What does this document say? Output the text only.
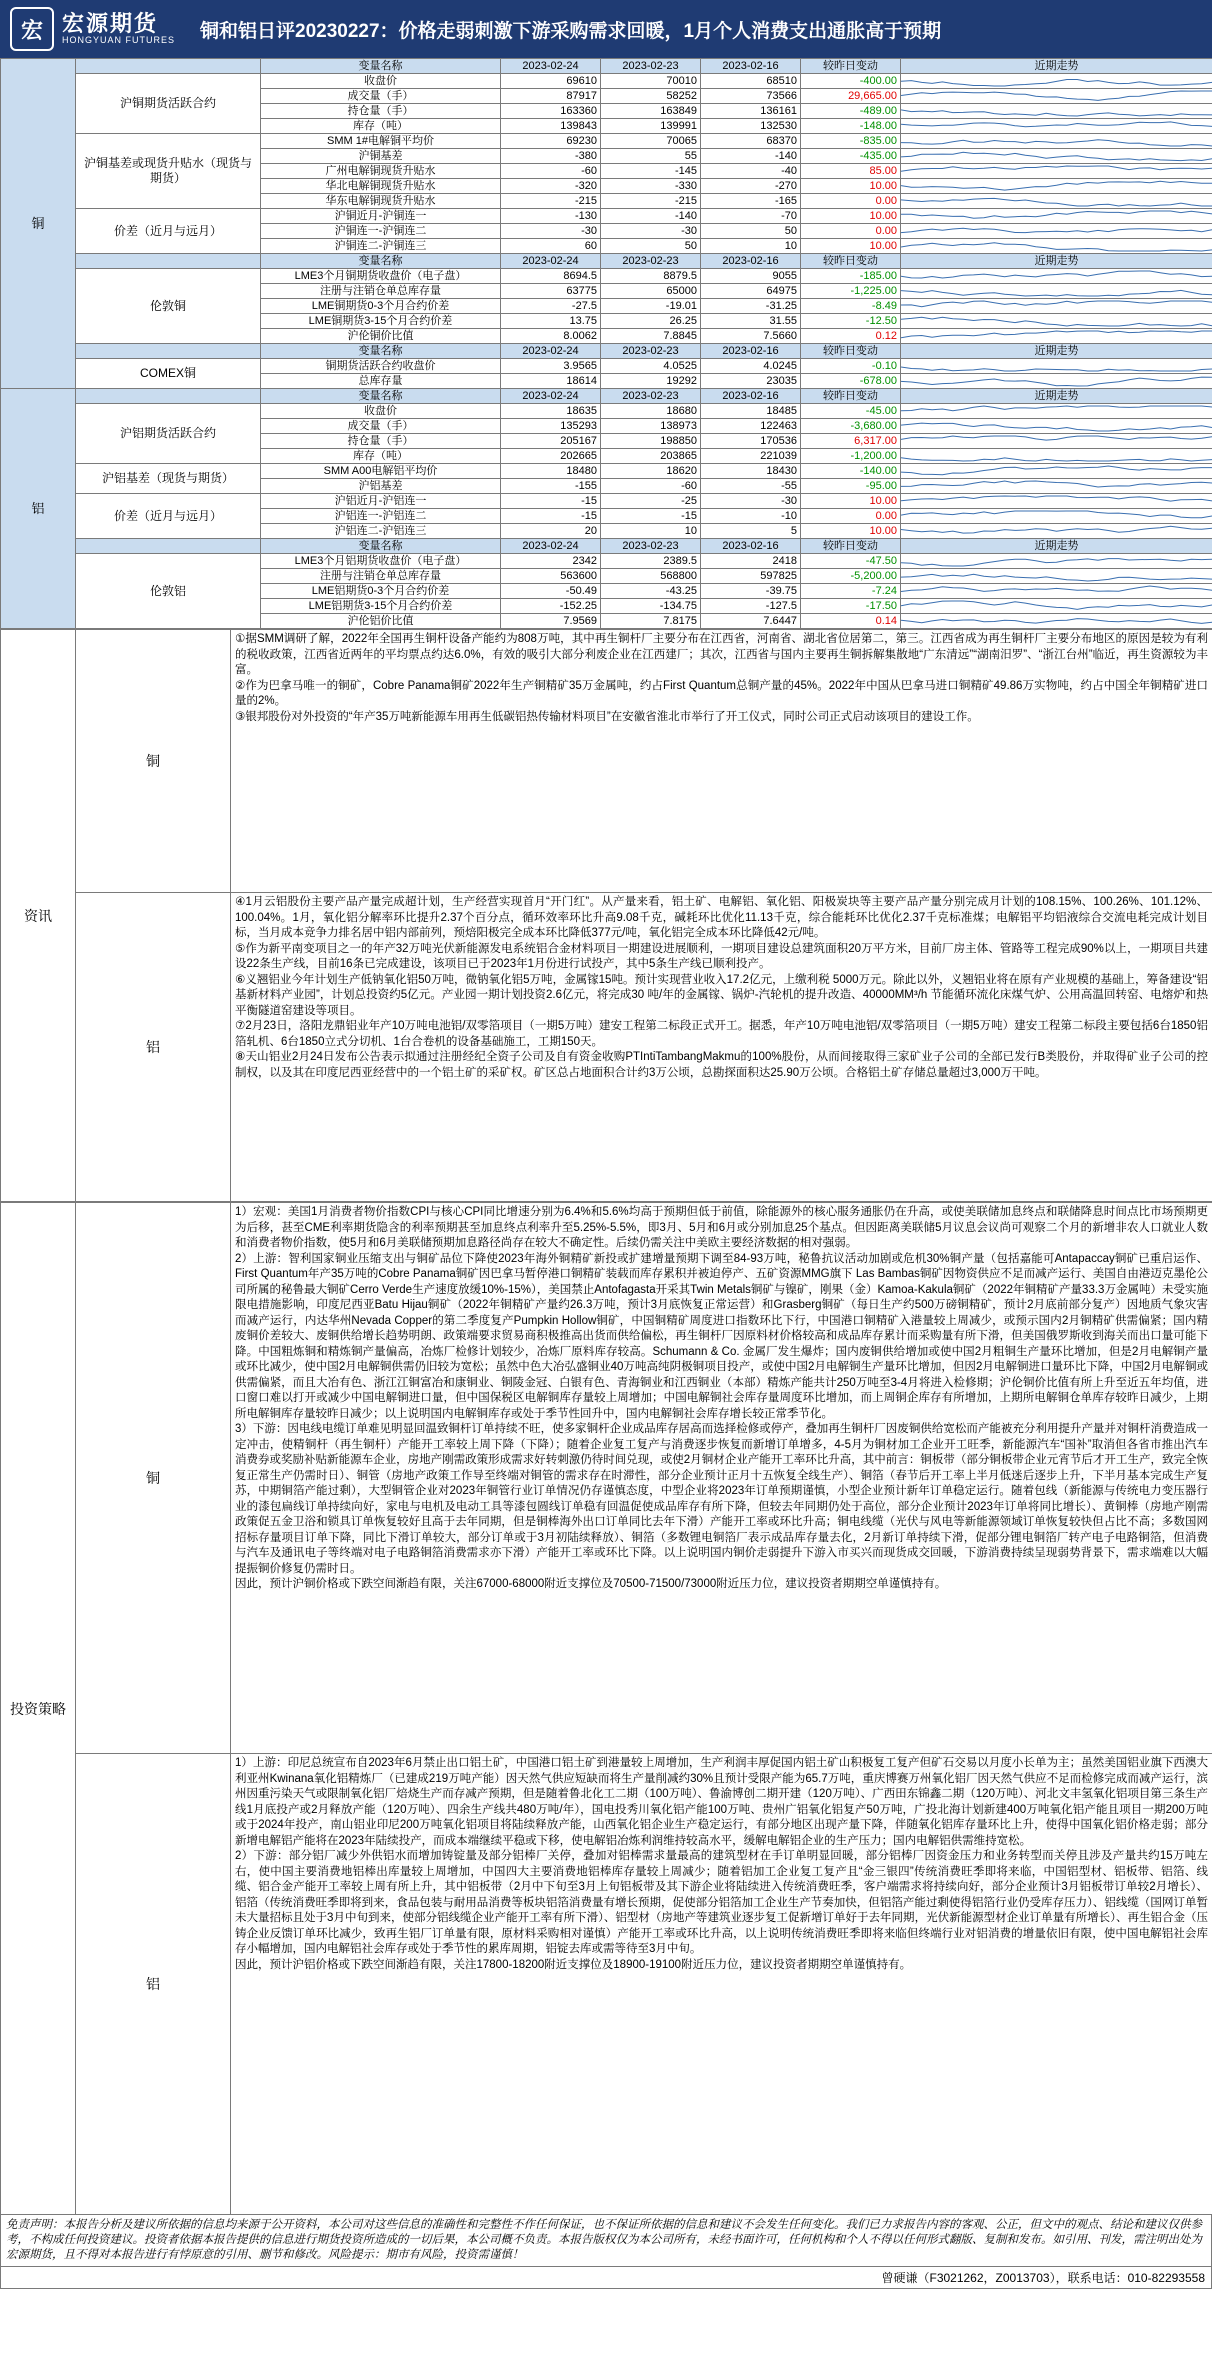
宏 宏源期货
HONGYUAN FUTURES	铜和铝日评20230227：价格走弱刺激下游采购需求回暖，1月个人消费支出通胀高于预期
铜		变量名称	2023-02-24	2023-02-23	2023-02-16	较昨日变动	近期走势
	沪铜期货活跃合约	收盘价	69610	70010	68510	-400.00	

		成交量（手）	87917	58252	73566	29,665.00	

		持仓量（手）	163360	163849	136161	-489.00	

		库存（吨）	139843	139991	132530	-148.00	

	沪铜基差或现货升贴水（现货与期货）	SMM 1#电解铜平均价	69230	70065	68370	-835.00	

		沪铜基差	-380	55	-140	-435.00	

		广州电解铜现货升贴水	-60	-145	-40	85.00	

		华北电解铜现货升贴水	-320	-330	-270	10.00	

		华东电解铜现货升贴水	-215	-215	-165	0.00	

	价差（近月与远月）	沪铜近月-沪铜连一	-130	-140	-70	10.00	

		沪铜连一-沪铜连二	-30	-30	50	0.00	

		沪铜连二-沪铜连三	60	50	10	10.00	

		变量名称	2023-02-24	2023-02-23	2023-02-16	较昨日变动	近期走势
	伦敦铜	LME3个月铜期货收盘价（电子盘）	8694.5	8879.5	9055	-185.00	

		注册与注销仓单总库存量	63775	65000	64975	-1,225.00	

		LME铜期货0-3个月合约价差	-27.5	-19.01	-31.25	-8.49	

		LME铜期货3-15个月合约价差	13.75	26.25	31.55	-12.50	

		沪伦铜价比值	8.0062	7.8845	7.5660	0.12	

		变量名称	2023-02-24	2023-02-23	2023-02-16	较昨日变动	近期走势
	COMEX铜	铜期货活跃合约收盘价	3.9565	4.0525	4.0245	-0.10	

		总库存量	18614	19292	23035	-678.00	

铝		变量名称	2023-02-24	2023-02-23	2023-02-16	较昨日变动	近期走势
	沪铝期货活跃合约	收盘价	18635	18680	18485	-45.00	

		成交量（手）	135293	138973	122463	-3,680.00	

		持仓量（手）	205167	198850	170536	6,317.00	

		库存（吨）	202665	203865	221039	-1,200.00	

	沪铝基差（现货与期货）	SMM A00电解铝平均价	18480	18620	18430	-140.00	

		沪铝基差	-155	-60	-55	-95.00	

	价差（近月与远月）	沪铝近月-沪铝连一	-15	-25	-30	10.00	

		沪铝连一-沪铝连二	-15	-15	-10	0.00	

		沪铝连二-沪铝连三	20	10	5	10.00	

		变量名称	2023-02-24	2023-02-23	2023-02-16	较昨日变动	近期走势
	伦敦铝	LME3个月铝期货收盘价（电子盘）	2342	2389.5	2418	-47.50	

		注册与注销仓单总库存量	563600	568800	597825	-5,200.00	

		LME铝期货0-3个月合约价差	-50.49	-43.25	-39.75	-7.24	

		LME铝期货3-15个月合约价差	-152.25	-134.75	-127.5	-17.50	

		沪伦铝价比值	7.9569	7.8175	7.6447	0.14	
资讯	铜	①据SMM调研了解，2022年全国再生铜杆设备产能约为808万吨，其中再生铜杆厂主要分布在江西省，河南省、湖北省位居第二，第三。江西省成为再生铜杆厂主要分布地区的原因是较为有利的税收政策，江西省近两年的平均票点约达6.0%，有效的吸引大部分利废企业在江西建厂；其次，江西省与国内主要再生铜拆解集散地“广东清远”“湖南汨罗”、“浙江台州”临近，再生资源较为丰富。

②作为巴拿马唯一的铜矿，Cobre Panama铜矿2022年生产铜精矿35万金属吨，约占First Quantum总铜产量的45%。2022年中国从巴拿马进口铜精矿49.86万实物吨，约占中国全年铜精矿进口量的2%。

③银邦股份对外投资的“年产35万吨新能源车用再生低碳铝热传输材料项目”在安徽省淮北市举行了开工仪式，同时公司正式启动该项目的建设工作。

	铝	④1月云铝股份主要产品产量完成超计划，生产经营实现首月“开门红”。从产量来看，铝土矿、电解铝、氧化铝、阳极炭块等主要产品产量分别完成月计划的108.15%、100.26%、101.12%、100.04%。1月，氧化铝分解率环比提升2.37个百分点，循环效率环比升高9.08千克，碱耗环比优化11.13千克，综合能耗环比优化2.37千克标准煤；电解铝平均铝液综合交流电耗完成计划目标，当月成本竞争力排名居中铝内部前列，预焙阳极完全成本环比降低377元/吨，氧化铝完全成本环比降低42元/吨。

⑤作为新平南变项目之一的年产32万吨光伏新能源发电系统铝合金材料项目一期建设进展顺利，一期项目建设总建筑面积20万平方米，目前厂房主体、管路等工程完成90%以上，一期项目共建设22条生产线，目前16条已完成建设，该项目已于2023年1月份进行试投产，其中5条生产线已顺利投产。

⑥义翘铝业今年计划生产低钠氧化铝50万吨，微钠氧化铝5万吨，金属镓15吨。预计实现营业收入17.2亿元，上缴利税 5000万元。除此以外，义翘铝业将在原有产业规模的基础上，筹备建设“铝基新材料产业园”，计划总投资约5亿元。产业园一期计划投资2.6亿元，将完成30 吨/年的金属镓、锅炉-汽轮机的提升改造、40000MM³/h 节能循环流化床煤气炉、公用高温回转窑、电熔炉和热平衡隧道窑建设等项目。

⑦2月23日，洛阳龙鼎铝业年产10万吨电池铝/双零箔项目（一期5万吨）建安工程第二标段正式开工。据悉，年产10万吨电池铝/双零箔项目（一期5万吨）建安工程第二标段主要包括6台1850铝箔轧机、6台1850立式分切机、1台合卷机的设备基础施工，工期150天。

⑧天山铝业2月24日发布公告表示拟通过注册经纪全资子公司及自有资金收购PTIntiTambangMakmu的100%股份，从而间接取得三家矿业子公司的全部已发行B类股份，并取得矿业子公司的控制权，以及其在印度尼西亚经营中的一个铝土矿的采矿权。矿区总占地面积合计约3万公顷，总勘探面积达25.90万公顷。合格铝土矿存储总量超过3,000万干吨。

投资策略	铜	1）宏观：美国1月消费者物价指数CPI与核心CPI同比增速分别为6.4%和5.6%均高于预期但低于前值，除能源外的核心服务通胀仍在升高，或使美联储加息终点和联储降息时间点比市场预期更为后移，甚至CME利率期货隐含的利率预期甚至加息终点利率升至5.25%-5.5%，即3月、5月和6月或分别加息25个基点。但因距离美联储5月议息会议尚可观察二个月的新增非农人口就业人数和消费者物价指数，使5月和6月美联储预期加息路径尚存在较大不确定性。后续仍需关注中美欧主要经济数据的相对强弱。

2）上游：智利国家铜业压缩支出与铜矿品位下降使2023年海外铜精矿新投或扩建增量预期下调至84-93万吨，秘鲁抗议活动加剧或危机30%铜产量（包括嘉能可Antapaccay铜矿已重启运作、First Quantum年产35万吨的Cobre Panama铜矿因巴拿马暂停港口铜精矿装载而库存累积并被迫停产、五矿资源MMG旗下 Las Bambas铜矿因物资供应不足而减产运行、美国自由港迈克墨伦公司所属的秘鲁最大铜矿Cerro Verde生产速度放缓10%-15%），美国禁止Antofagasta开采其Twin Metals铜矿与镍矿，刚果（金）Kamoa-Kakula铜矿（2022年铜精矿产量33.3万金属吨）未受实施限电措施影响，印度尼西亚Batu Hijau铜矿（2022年铜精矿产量约26.3万吨，预计3月底恢复正常运营）和Grasberg铜矿（每日生产约500万磅铜精矿，预计2月底前部分复产）因地质气象灾害而减产运行，内达华州Nevada Copper的第二季度复产Pumpkin Hollow铜矿，中国铜精矿周度进口指数环比下行，中国港口铜精矿入港量较上周减少，或预示国内2月铜精矿供需偏紧；国内精废铜价差较大、废铜供给增长趋势明朗、政策端要求贸易商积极推高出货而供给偏松，再生铜杆厂因原料材价格较高和成品库存累计而采购量有所下滑，但美国俄罗斯收到海关而出口量可能下降。中国粗炼铜和精炼铜产量偏高，冶炼厂检修计划较少，冶炼厂原料库存较高。Schumann & Co. 金属厂发生爆炸；国内废铜供给增加或使中国2月粗铜生产量环比增加，但是2月电解铜产量或环比减少，使中国2月电解铜供需仍旧较为宽松；虽然中色大冶弘盛铜业40万吨高纯阴极铜项目投产，或使中国2月电解铜生产量环比增加，但因2月电解铜进口量环比下降，中国2月电解铜或供需偏紧，而且大冶有色、浙江江铜富冶和康铜业、铜陵金冠、白银有色、青海铜业和江西铜业（本部）精炼产能共计250万吨至3-4月将进入检修期；沪伦铜价比值有所上升至近五年均值，进口窗口难以打开或减少中国电解铜进口量，但中国保税区电解铜库存量较上周增加；中国电解铜社会库存量周度环比增加，而上周铜企库存有所增加，上期所电解铜仓单库存较昨日减少，上期所电解铜库存量较昨日减少；以上说明国内电解铜库存或处于季节性回升中，国内电解铜社会库存增长较正常季节化。

3）下游：因电线电缆订单难见明显回温致铜杆订单持续不旺，使多家铜杆企业成品库存居高而选择检修或停产，叠加再生铜杆厂因废铜供给宽松而产能被充分利用提升产量并对铜杆消费造成一定冲击，使精铜杆（再生铜杆）产能开工率较上周下降（下降）；随着企业复工复产与消费逐步恢复而新增订单增多，4-5月为铜材加工企业开工旺季，新能源汽车“国补”取消但各省市推出汽车消费券或奖励补贴新能源车企业，房地产刚需政策形成需求好转刺激仍待时间兑现，或使2月铜材企业产能开工率环比升高，其中前言：铜板带（部分铜板带企业元宵节后才开工生产，致完全恢复正常生产仍需时日）、铜管（房地产政策工作导至终端对铜管的需求存在时滞性，部分企业预计正月十五恢复全线生产）、铜箔（春节后开工率上半月低迷后逐步上升，下半月基本完成生产复苏，中期铜箔产能过剩），大型铜管企业对2023年铜管行业订单情况仍存谨慎态度，中型企业将2023年订单预期谨慎，小型企业预计新年订单稳定运行。随着包线（新能源与传统电力变压器行业的漆包扁线订单持续向好，家电与电机及电动工具等漆包圆线订单稳有回温促使成品库存有所下降，但较去年同期仍处于高位，部分企业预计2023年订单将同比增长）、黄铜棒（房地产刚需政策促五金卫浴和锁具订单恢复较好且高于去年同期，但是铜棒海外出口订单同比去年下滑）产能开工率或环比升高；铜电线缆（光伏与风电等新能源领域订单恢复较快但占比不高；多数国网招标存量项目订单下降，同比下滑订单较大，部分订单或于3月初陆续释放）、铜箔（多数锂电铜箔厂表示成品库存量去化，2月新订单持续下滑，促部分锂电铜箔厂转产电子电路铜箔，但消费与汽车及通讯电子等终端对电子电路铜箔消费需求亦下滑）产能开工率或环比下降。以上说明国内铜价走弱提升下游入市买兴而现货成交回暖，下游消费持续呈现弱势背景下，需求端难以大幅提振铜价修复仍需时日。

因此，预计沪铜价格或下跌空间渐趋有限，关注67000-68000附近支撑位及70500-71500/73000附近压力位，建议投资者期期空单谨慎持有。

	铝	1）上游：印尼总统宣布自2023年6月禁止出口铝土矿，中国港口铝土矿到港量较上周增加，生产利润丰厚促国内铝土矿山积极复工复产但矿石交易以月度小长单为主；虽然美国铝业旗下西澳大利亚州Kwinana氧化铝精炼厂（已建成219万吨产能）因天然气供应短缺而将生产量削减约30%且预计受限产能为65.7万吨，重庆博赛万州氧化铝厂因天然气供应不足而检修完成而减产运行，滨州因重污染天气或限制氧化铝厂焙烧生产而存减产预期，但是随着鲁北化工二期（100万吨）、鲁渝博创二期开建（120万吨）、广西田东锦鑫二期（120万吨）、河北文丰氢氧化铝项目第三条生产线1月底投产或2月释放产能（120万吨）、四余生产线共480万吨/年），国电投秀川氧化铝产能100万吨、贵州广铝氧化铝复产50万吨，广投北海计划新建400万吨氧化铝产能且项目一期200万吨或于2024年投产，南山铝业印尼200万吨氧化铝项目将陆续释放产能，山西氧化铝企业生产稳定运行，有部分地区出现产量下降，伴随氧化铝库存量环比上升，使得中国氧化铝价格走弱；部分新增电解铝产能将在2023年陆续投产，而成本端继续平稳或下移，使电解铝冶炼利润维持较高水平，缓解电解铝企业的生产压力；国内电解铝供需维持宽松。

2）下游：部分铝厂减少外供铝水而增加铸锭量及部分铝棒厂关停，叠加对铝棒需求量最高的建筑型材在手订单明显回暖，部分铝棒厂因资金压力和业务转型而关停且涉及产量共约15万吨左右，使中国主要消费地铝棒出库量较上周增加，中国四大主要消费地铝棒库存量较上周减少；随着铝加工企业复工复产且“金三银四”传统消费旺季即将来临，中国铝型材、铝板带、铝箔、线缆、铝合金产能开工率较上周有所上升，其中铝板带（2月中下旬至3月上旬铝板带及其下游企业将陆续进入传统消费旺季，客户端需求将持续向好，部分企业预计3月铝板带订单较2月增长）、铝箔（传统消费旺季即将到来，食品包装与耐用品消费等板块铝箔消费量有增长预期，促使部分铝箔加工企业生产节奏加快，但铝箔产能过剩使得铝箔行业仍受库存压力）、铝线缆（国网订单暂未大量招标且处于3月中旬到来，使部分铝线缆企业产能开工率有所下滑）、铝型材（房地产等建筑业逐步复工促新增订单好于去年同期，光伏新能源型材企业订单量有所增长）、再生铝合金（压铸企业反馈订单环比减少，致再生铝厂订单量有限，原材料采购相对谨慎）产能开工率或环比升高，以上说明传统消费旺季即将来临但终端行业对铝消费的增量依旧有限，使中国电解铝社会库存小幅增加，国内电解铝社会库存或处于季节性的累库周期，铝锭去库或需等待至3月中旬。

因此，预计沪铝价格或下跌空间渐趋有限，关注17800-18200附近支撑位及18900-19100附近压力位，建议投资者期期空单谨慎持有。

免责声明：本报告分析及建议所依据的信息均来源于公开资料，本公司对这些信息的准确性和完整性不作任何保证，也不保证所依据的信息和建议不会发生任何变化。我们已力求报告内容的客观、公正，但文中的观点、结论和建议仅供参考，不构成任何投资建议。投资者依据本报告提供的信息进行期货投资所造成的一切后果，本公司概不负责。本报告版权仅为本公司所有，未经书面许可，任何机构和个人不得以任何形式翻版、复制和发布。如引用、刊发，需注明出处为宏源期货，且不得对本报告进行有悖原意的引用、删节和修改。风险提示：期市有风险，投资需谨慎！
曾硬谦（F3021262，Z0013703），联系电话：010-82293558
